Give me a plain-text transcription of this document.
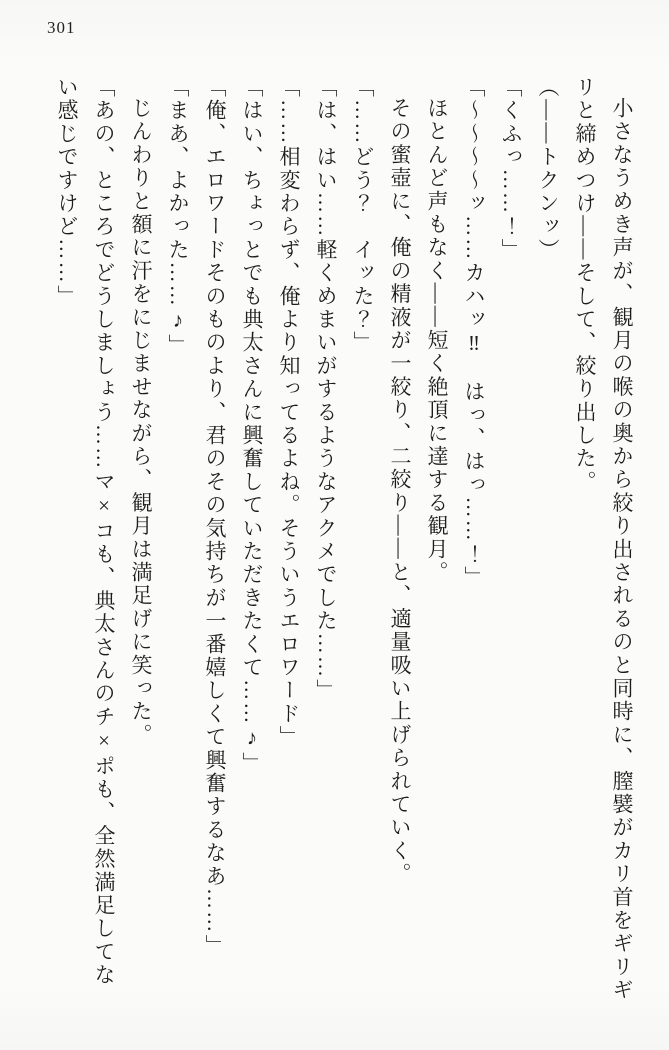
301

小さなうめき声が、観月の喉の奥から絞り出されるのと同時に、膣襞がカリ首をギリギリと締めつけ——そして、絞り出した。

（——トクンッ）

「くふっ……！」

「〜〜〜〜ッ……カハッ‼　はっ、はっ……！」

ほとんど声もなく——短く絶頂に達する観月。

その蜜壺に、俺の精液が一絞り、二絞り——と、適量吸い上げられていく。

「……どう？　イッた？」

「は、はい……軽くめまいがするようなアクメでした……」

「……相変わらず、俺より知ってるよね。そういうエロワード」

「はい、ちょっとでも典太さんに興奮していただきたくて……♪」

「俺、エロワードそのものより、君のその気持ちが一番嬉しくて興奮するなあ……」

「まあ、よかった……♪」

じんわりと額に汗をにじませながら、観月は満足げに笑った。

「あの、ところでどうしましょう……マ×コも、典太さんのチ×ポも、全然満足してない感じですけど……」
